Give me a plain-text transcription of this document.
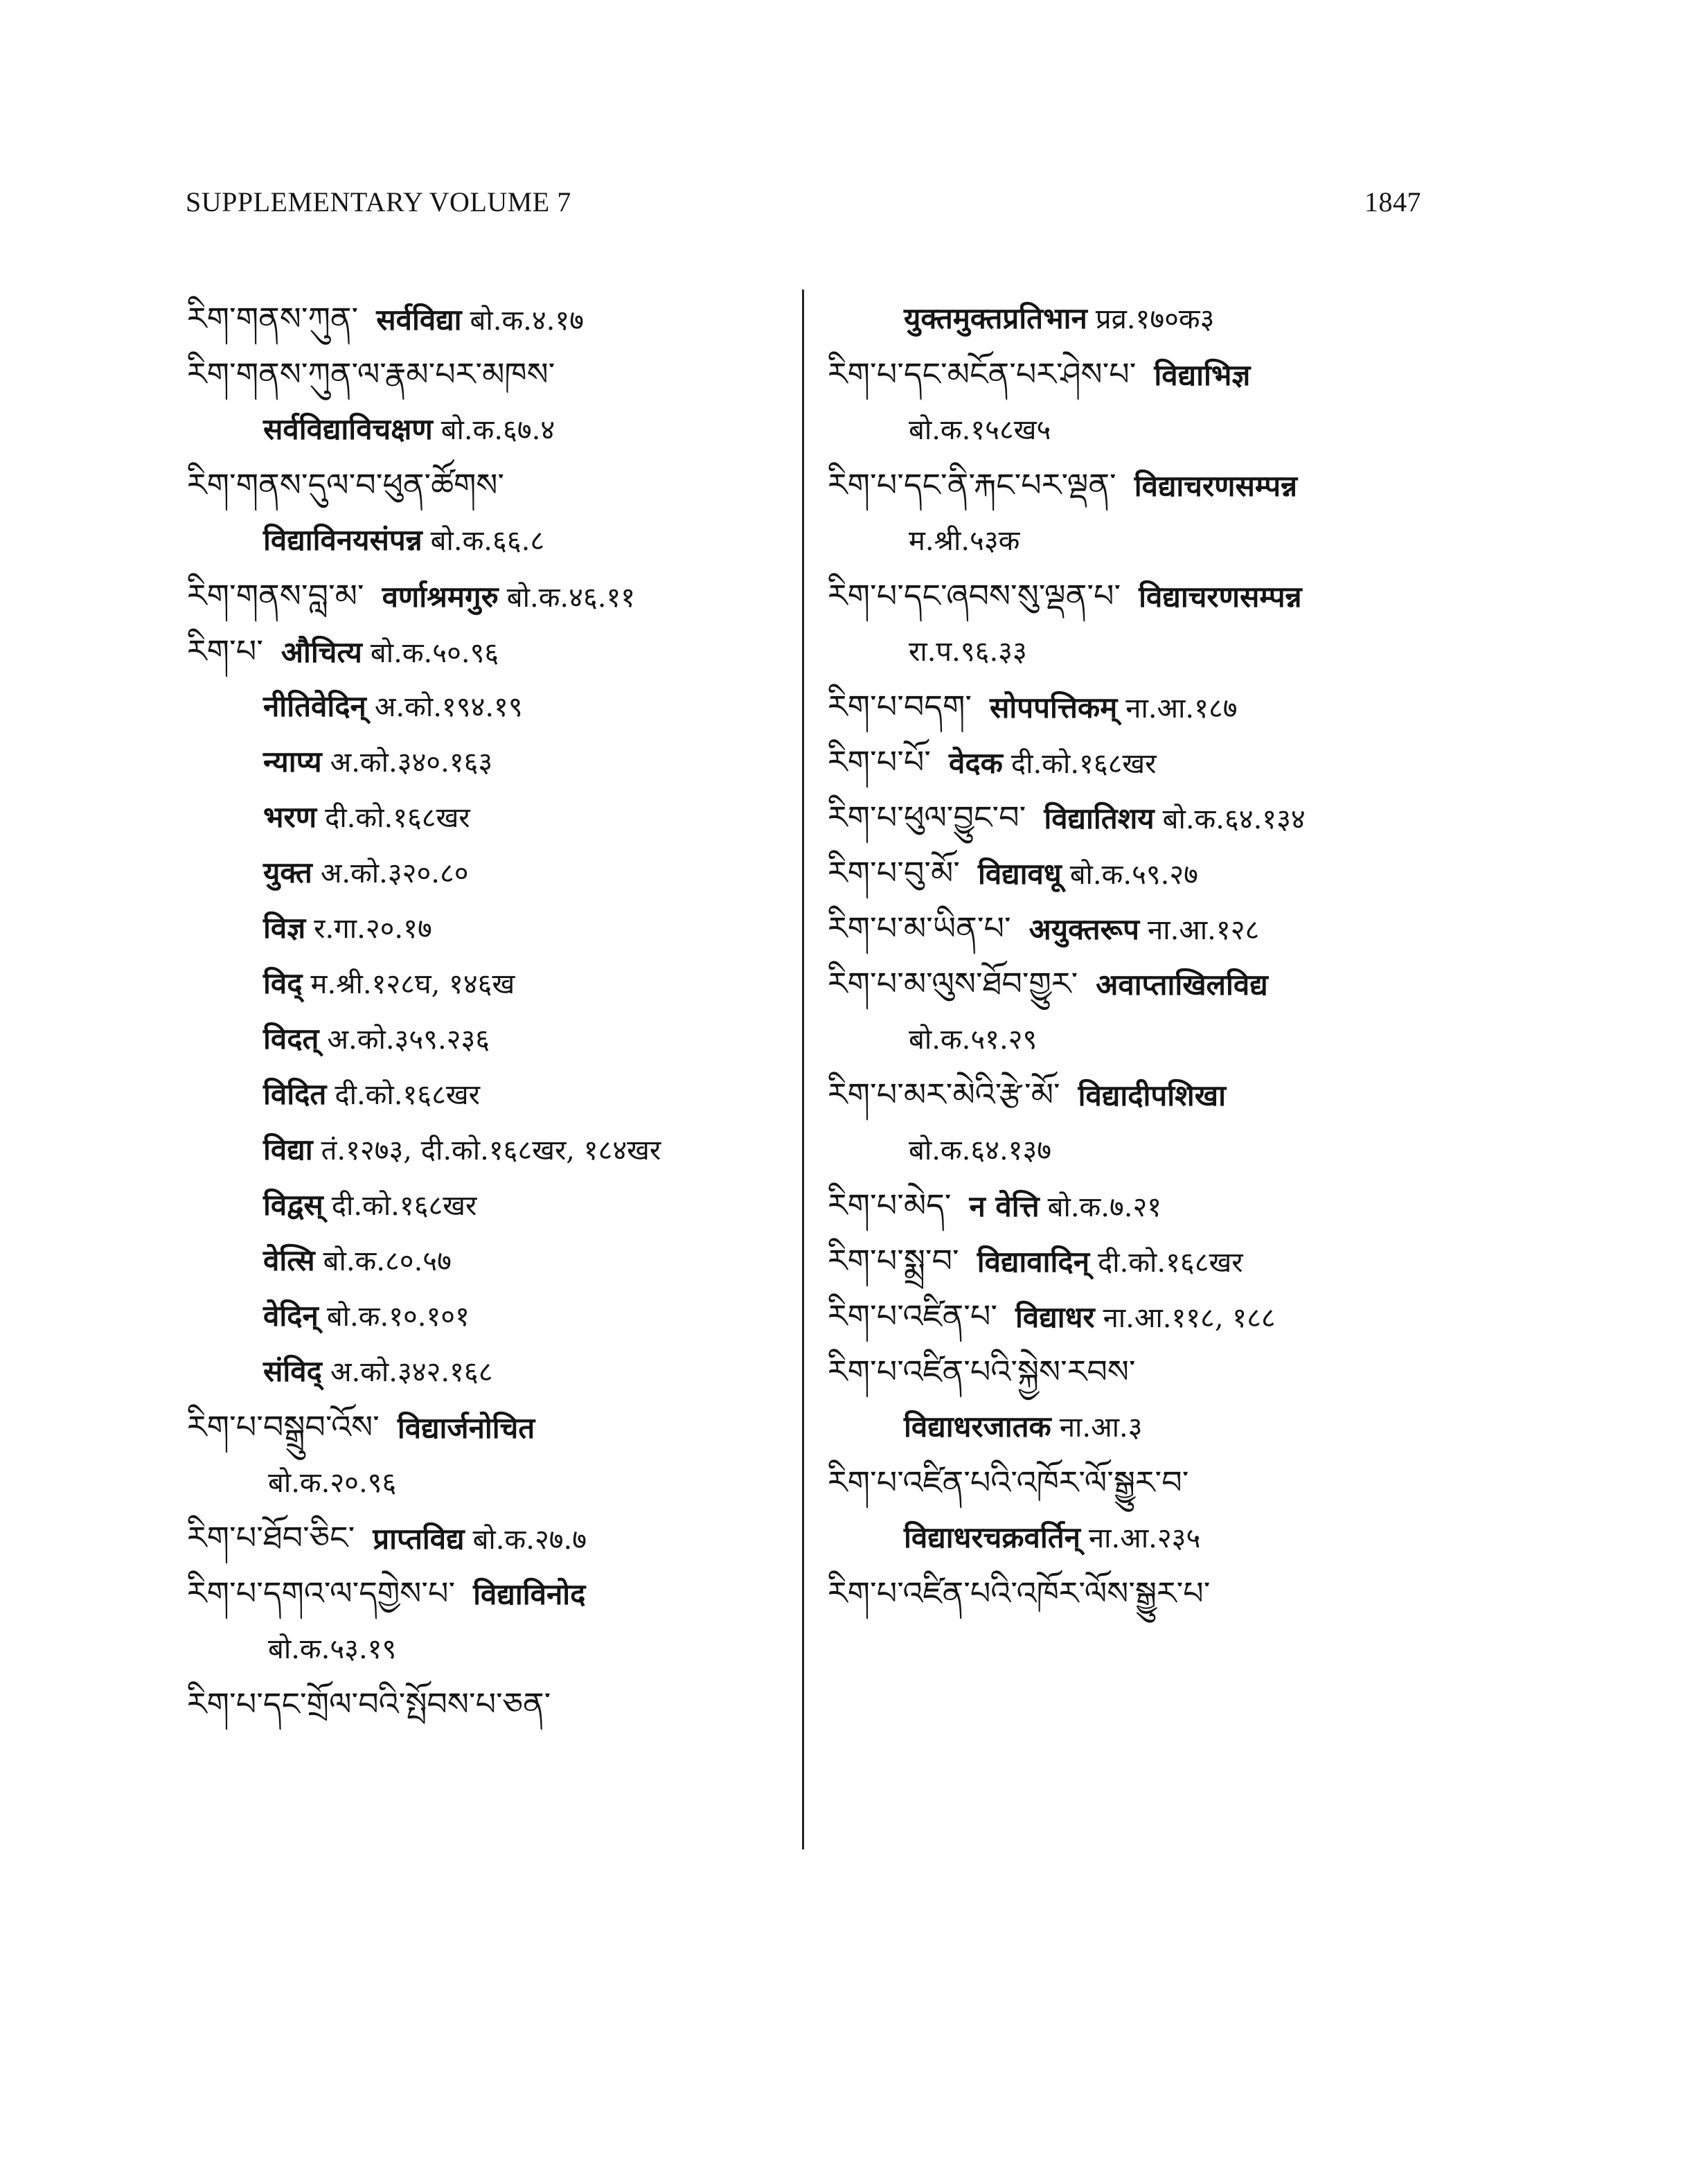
SUPPLEMENTARY VOLUME 7	1847
རིག་གནས་ཀུན་ सर्वविद्या बो.क.४.१७
རིག་གནས་ཀུན་ལ་རྣམ་པར་མཁས་
सर्वविद्याविचक्षण बो.क.६७.४
རིག་གནས་དུལ་བ་ཕུན་ཚོགས་
विद्याविनयसंपन्न बो.क.६६.८
རིག་གནས་བླ་མ་ वर्णाश्रमगुरु बो.क.४६.११
རིག་པ་ औचित्य बो.क.५०.९६
नीतिवेदिन् अ.को.१९४.१९
न्याप्य अ.को.३४०.१६३
भरण दी.को.१६८खर
युक्त अ.को.३२०.८०
विज्ञ र.गा.२०.१७
विद् म.श्री.१२८घ, १४६ख
विदत् अ.को.३५९.२३६
विदित दी.को.१६८खर
विद्या तं.१२७३, दी.को.१६८खर, १८४खर
विद्वस् दी.को.१६८खर
वेत्सि बो.क.८०.५७
वेदिन् बो.क.१०.१०१
संविद् अ.को.३४२.१६८
རིག་པ་བསྒྲུབ་འོས་ विद्यार्जनोचित
बो.क.२०.९६
རིག་པ་ཐོབ་ཅིང་ प्राप्तविद्य बो.क.२७.७
རིག་པ་དགའ་ལ་དགྱེས་པ་ विद्याविनोद
बो.क.५३.१९
རིག་པ་དང་གྲོལ་བའི་སྤོབས་པ་ཅན་
युक्तमुक्तप्रतिभान प्रव्र.१७०क३
རིག་པ་དང་མངོན་པར་ཤེས་པ་ विद्याभिज्ञ
बो.क.१५८ख५
རིག་པ་དང་ནི་རྐང་པར་ལྡན་ विद्याचरणसम्पन्न
म.श्री.५३क
རིག་པ་དང་ཞབས་སུ་ལྡན་པ་ विद्याचरणसम्पन्न
रा.प.९६.३३
རིག་པ་བདག་ सोपपत्तिकम् ना.आ.१८७
རིག་པ་པོ་ वेदक दी.को.१६८खर
རིག་པ་ཕུལ་བྱུང་བ་ विद्यातिशय बो.क.६४.१३४
རིག་པ་བུ་མོ་ विद्यावधू बो.क.५९.२७
རིག་པ་མ་ཡིན་པ་ अयुक्तरूप ना.आ.१२८
རིག་པ་མ་ལུས་ཐོབ་གྱུར་ अवाप्ताखिलविद्य
बो.क.५१.२९
རིག་པ་མར་མེའི་རྩེ་མོ་ विद्यादीपशिखा
बो.क.६४.१३७
རིག་པ་མེད་ न वेत्ति बो.क.७.२१
རིག་པ་སྨྲ་བ་ विद्यावादिन् दी.को.१६८खर
རིག་པ་འཛིན་པ་ विद्याधर ना.आ.११८, १८८
རིག་པ་འཛིན་པའི་སྐྱེས་རབས་
विद्याधरजातक ना.आ.३
རིག་པ་འཛིན་པའི་འཁོར་ལོ་སྒྱུར་བ་
विद्याधरचक्रवर्तिन् ना.आ.२३५
རིག་པ་འཛིན་པའི་འཁོར་ལོས་སྒྱུར་པ་
